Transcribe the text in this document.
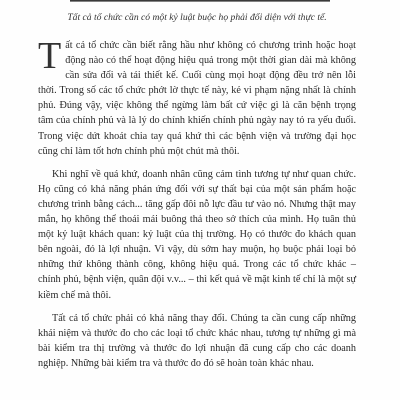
Tất cả tổ chức cần có một kỷ luật buộc họ phải đối diện với thực tế.

Tất cả tổ chức cần biết rằng hầu như không có chương trình hoặc hoạt động nào có thể hoạt động hiệu quả trong một thời gian dài mà không cần sửa đổi và tái thiết kế. Cuối cùng mọi hoạt động đều trở nên lỗi thời. Trong số các tổ chức phớt lờ thực tế này, kẻ vi phạm nặng nhất là chính phủ. Đúng vậy, việc không thể ngừng làm bất cứ việc gì là căn bệnh trọng tâm của chính phủ và là lý do chính khiến chính phủ ngày nay tỏ ra yếu đuối. Trong việc dứt khoát chia tay quá khứ thì các bệnh viện và trường đại học cũng chỉ làm tốt hơn chính phủ một chút mà thôi.

Khi nghĩ về quá khứ, doanh nhân cũng cảm tình tương tự như quan chức. Họ cũng có khả năng phản ứng đối với sự thất bại của một sản phẩm hoặc chương trình bằng cách... tăng gấp đôi nỗ lực đầu tư vào nó. Nhưng thật may mắn, họ không thể thoái mái buông thả theo sở thích của mình. Họ tuân thủ một kỷ luật khách quan: kỷ luật của thị trường. Họ có thước đo khách quan bên ngoài, đó là lợi nhuận. Vì vậy, dù sớm hay muộn, họ buộc phải loại bỏ những thứ không thành công, không hiệu quả. Trong các tổ chức khác – chính phủ, bệnh viện, quân đội v.v... – thì kết quả về mặt kinh tế chỉ là một sự kiềm chế mà thôi.

Tất cả tổ chức phải có khả năng thay đổi. Chúng ta cần cung cấp những khái niệm và thước đo cho các loại tổ chức khác nhau, tương tự những gì mà bài kiểm tra thị trường và thước đo lợi nhuận đã cung cấp cho các doanh nghiệp. Những bài kiểm tra và thước đo đó sẽ hoàn toàn khác nhau.
